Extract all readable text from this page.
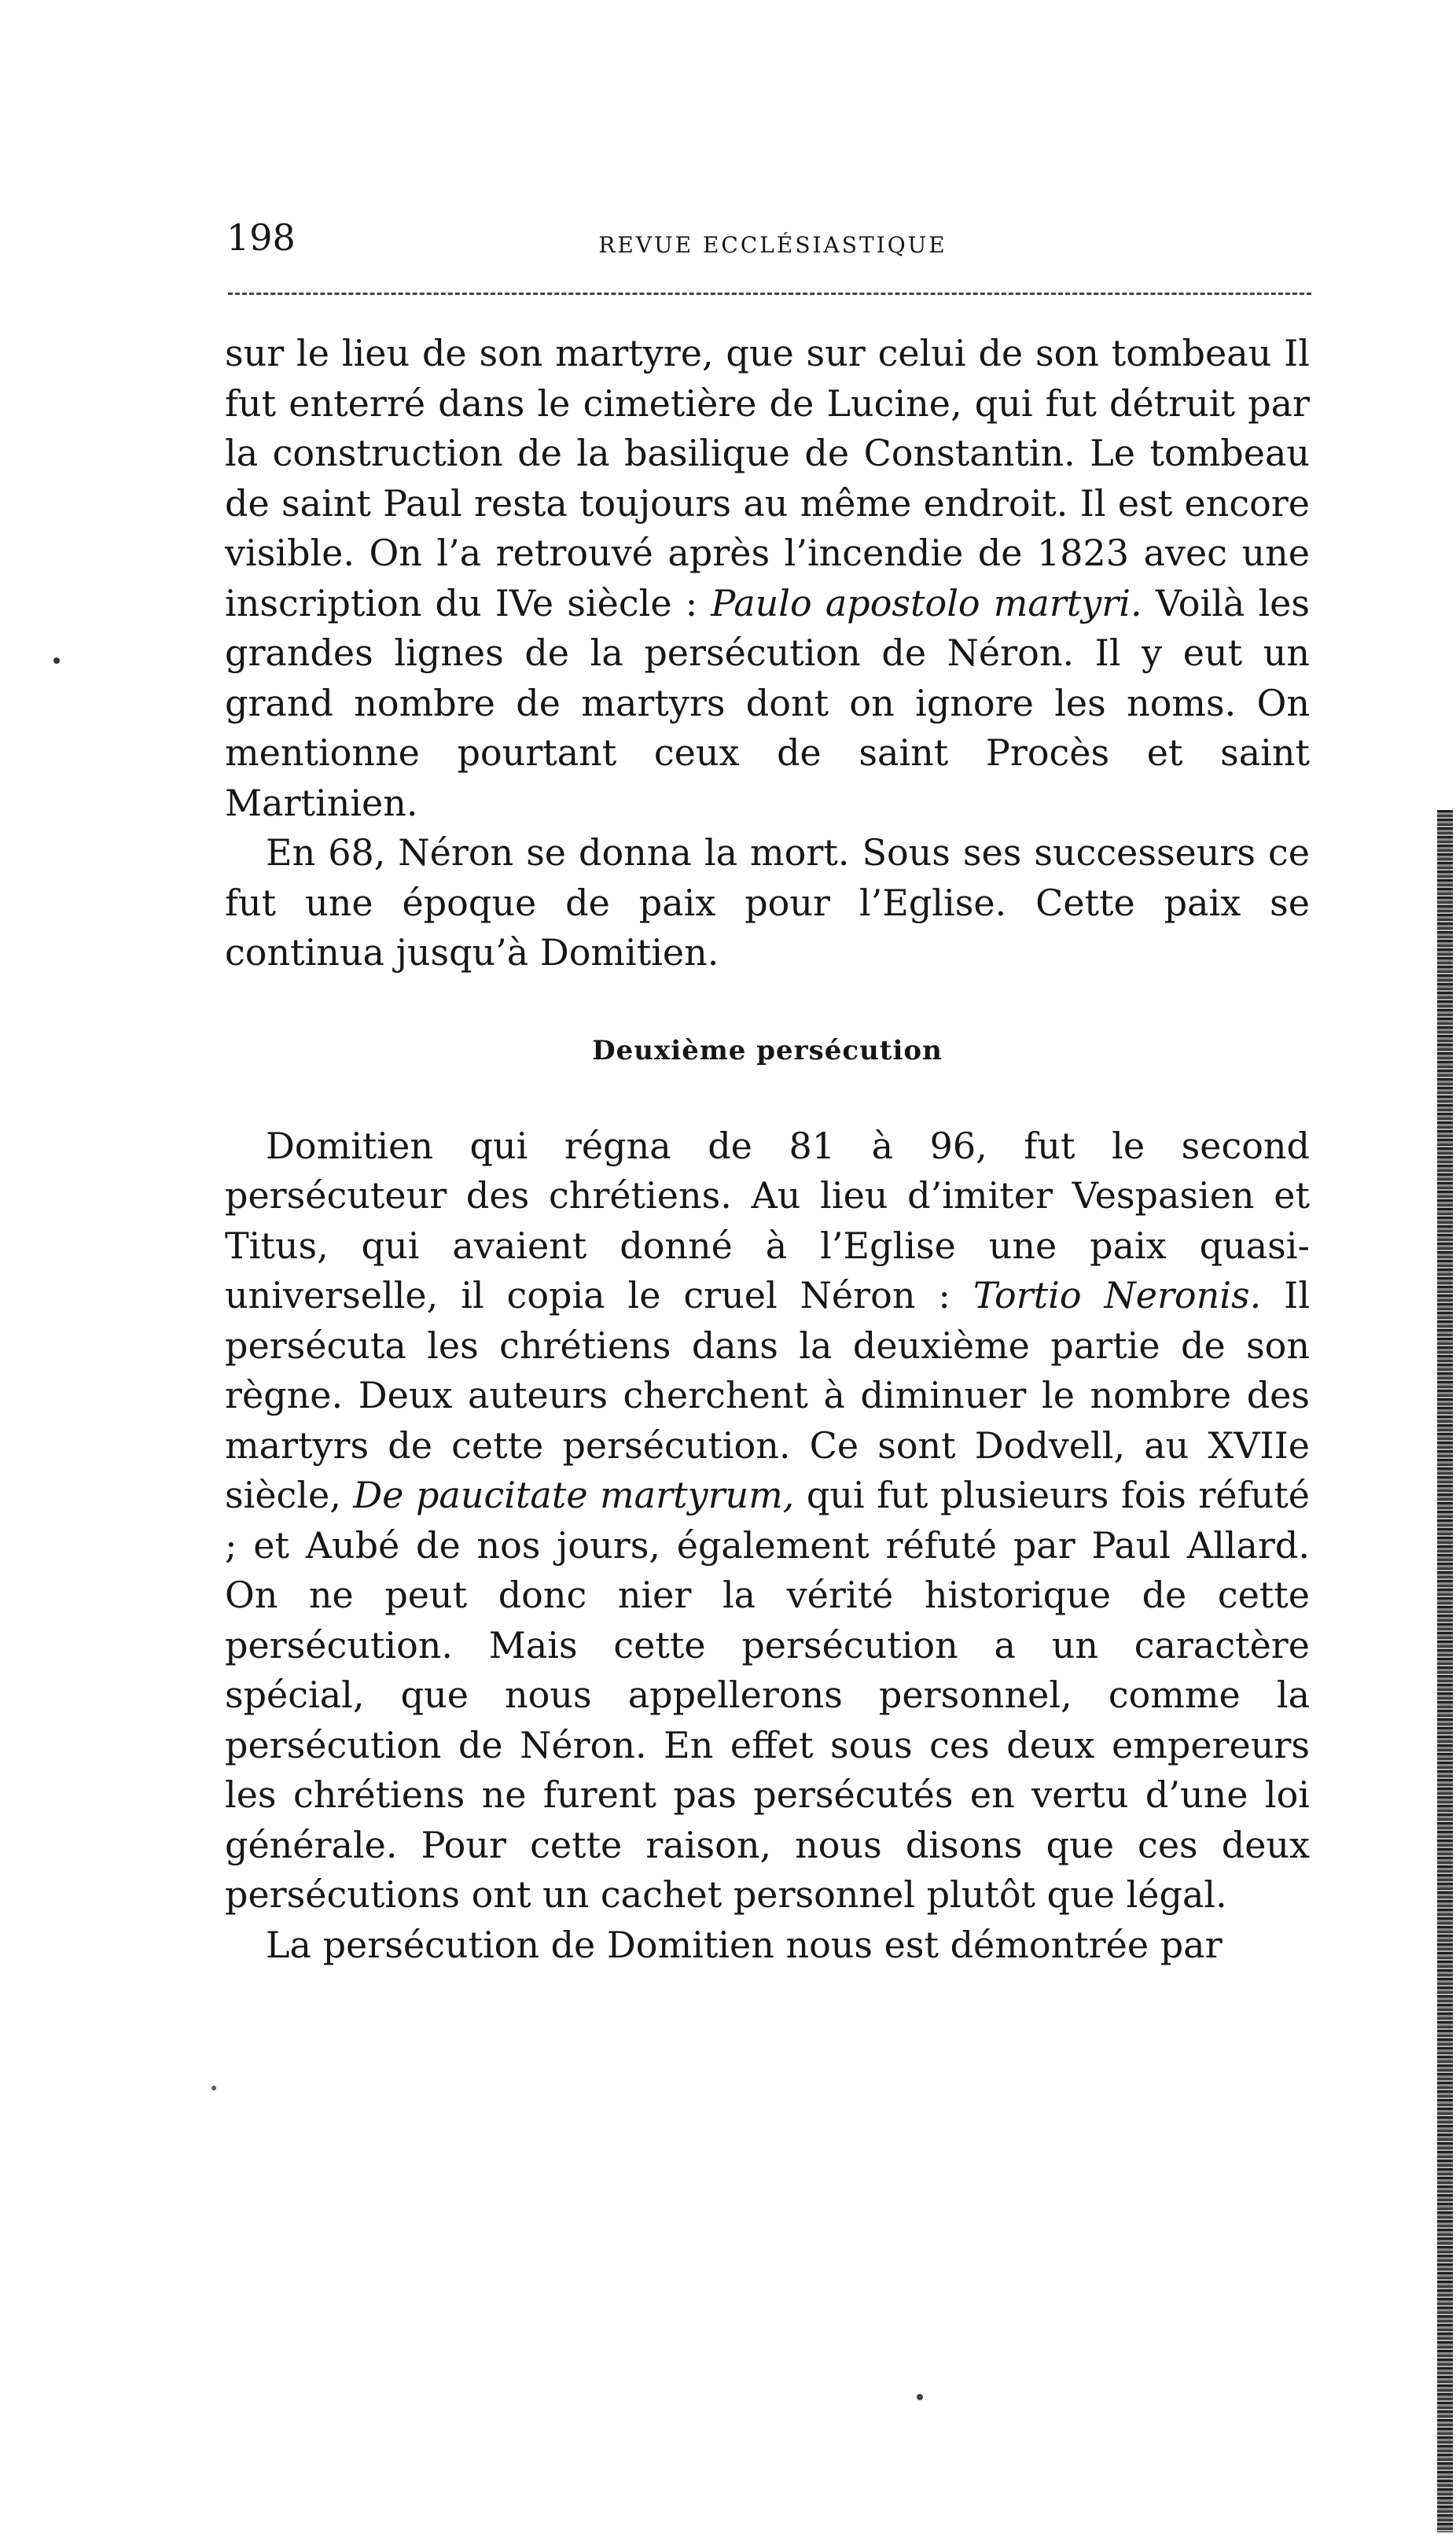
198	REVUE ECCLÉSIASTIQUE

sur le lieu de son martyre, que sur celui de son tombeau Il fut enterré dans le cimetière de Lucine, qui fut détruit par la construction de la basilique de Constantin. Le tombeau de saint Paul resta toujours au même endroit. Il est encore visible. On l’a retrouvé après l’incendie de 1823 avec une inscription du IVe siècle : Paulo apostolo martyri. Voilà les grandes lignes de la persécution de Néron. Il y eut un grand nombre de martyrs dont on ignore les noms. On mentionne pourtant ceux de saint Procès et saint Martinien.

En 68, Néron se donna la mort. Sous ses successeurs ce fut une époque de paix pour l’Eglise. Cette paix se continua jusqu’à Domitien.

Deuxième persécution

Domitien qui régna de 81 à 96, fut le second persécuteur des chrétiens. Au lieu d’imiter Vespasien et Titus, qui avaient donné à l’Eglise une paix quasi-universelle, il copia le cruel Néron : Tortio Neronis. Il persécuta les chrétiens dans la deuxième partie de son règne. Deux auteurs cherchent à diminuer le nombre des martyrs de cette persécution. Ce sont Dodvell, au XVIIe siècle, De paucitate martyrum, qui fut plusieurs fois réfuté ; et Aubé de nos jours, également réfuté par Paul Allard. On ne peut donc nier la vérité historique de cette persécution. Mais cette persécution a un caractère spécial, que nous appellerons personnel, comme la persécution de Néron. En effet sous ces deux empereurs les chrétiens ne furent pas persécutés en vertu d’une loi générale. Pour cette raison, nous disons que ces deux persécutions ont un cachet personnel plutôt que légal.

La persécution de Domitien nous est démontrée par
